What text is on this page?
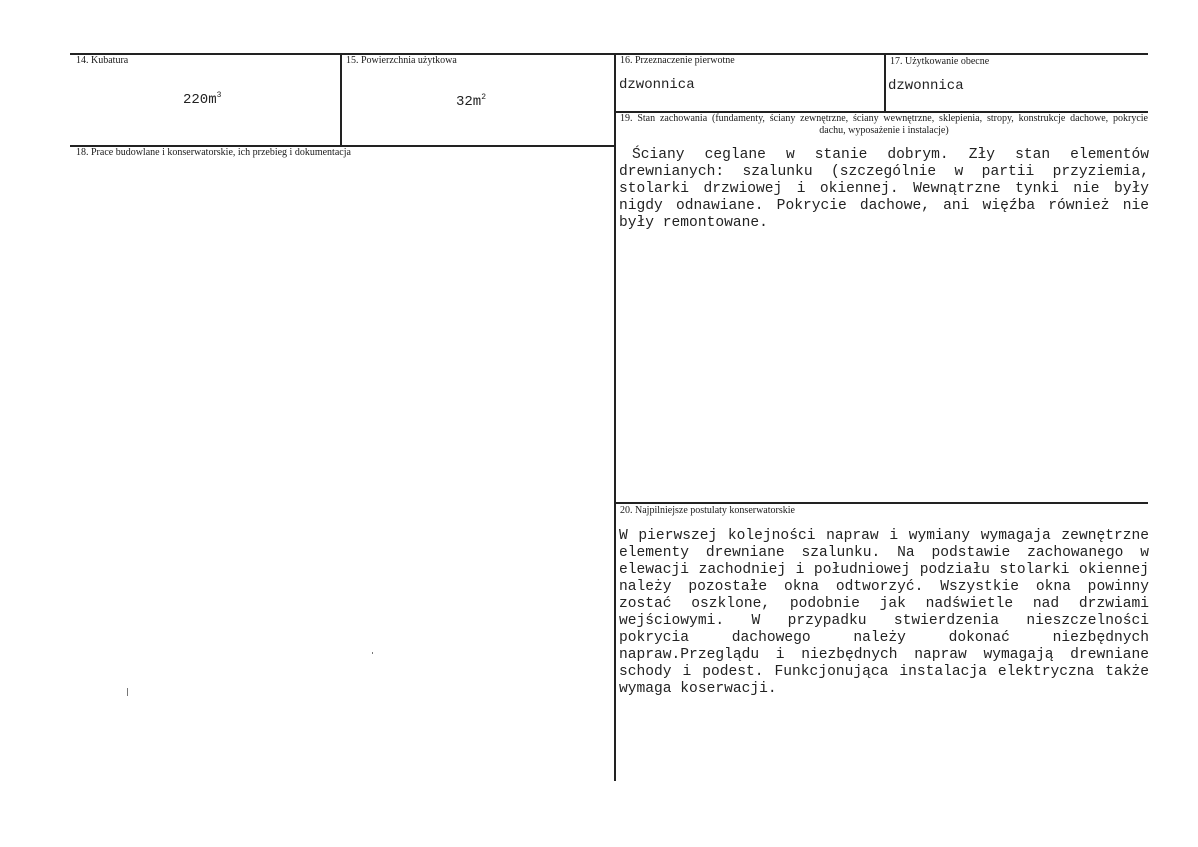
14. Kubatura
$220m^3$
15. Powierzchnia użytkowa
$32m^2$
16. Przeznaczenie pierwotne
dzwonnica
17. Użytkowanie obecne
dzwonnica
18. Prace budowlane i konserwatorskie, ich przebieg i dokumentacja
19. Stan zachowania (fundamenty, ściany zewnętrzne, ściany wewnętrzne, sklepienia, stropy, konstrukcje dachowe, pokrycie dachu, wyposażenie i instalacje)
Ściany ceglane w stanie dobrym. Zły stan elementów drewnianych: szalunku (szczególnie w partii przyziemia, stolarki drzwiowej i okiennej. Wewnątrzne tynki nie były nigdy odnawiane. Pokrycie dachowe, ani więźba również nie były remontowane.
20. Najpilniejsze postulaty konserwatorskie
W pierwszej kolejności napraw i wymiany wymagaja zewnętrzne elementy drewniane szalunku. Na podstawie zachowanego w elewacji zachodniej i południowej podziału stolarki okiennej należy pozostałe okna odtworzyć. Wszystkie okna powinny zostać oszklone, podobnie jak nadświetle nad drzwiami wejściowymi. W przypadku stwierdzenia nieszczelności pokrycia dachowego należy dokonać niezbędnych napraw.Przeglądu i niezbędnych napraw wymagają drewniane schody i podest. Funkcjonująca instalacja elektryczna także wymaga koserwacji.
